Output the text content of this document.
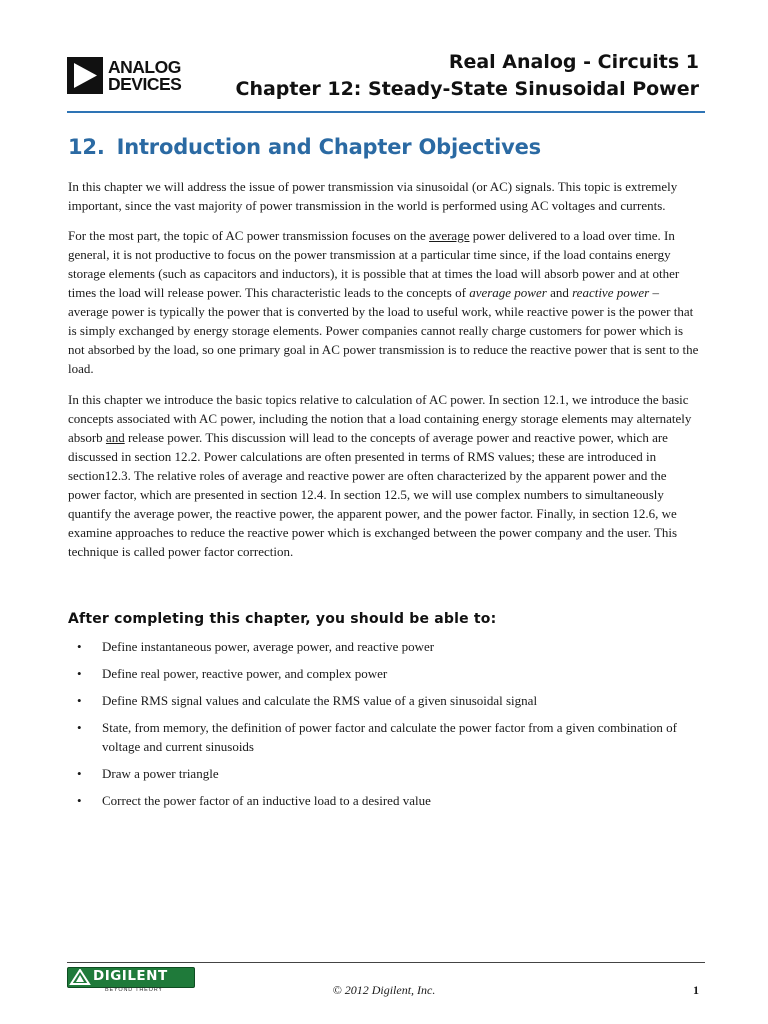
ANALOG
DEVICES
Real Analog - Circuits 1
Chapter 12: Steady-State Sinusoidal Power
12. Introduction and Chapter Objectives

In this chapter we will address the issue of power transmission via sinusoidal (or AC) signals. This topic is extremely important, since the vast majority of power transmission in the world is performed using AC voltages and currents.

For the most part, the topic of AC power transmission focuses on the average power delivered to a load over time. In general, it is not productive to focus on the power transmission at a particular time since, if the load contains energy storage elements (such as capacitors and inductors), it is possible that at times the load will absorb power and at other times the load will release power. This characteristic leads to the concepts of average power and reactive power – average power is typically the power that is converted by the load to useful work, while reactive power is the power that is simply exchanged by energy storage elements. Power companies cannot really charge customers for power which is not absorbed by the load, so one primary goal in AC power transmission is to reduce the reactive power that is sent to the load.

In this chapter we introduce the basic topics relative to calculation of AC power. In section 12.1, we introduce the basic concepts associated with AC power, including the notion that a load containing energy storage elements may alternately absorb and release power. This discussion will lead to the concepts of average power and reactive power, which are discussed in section 12.2. Power calculations are often presented in terms of RMS values; these are introduced in section12.3. The relative roles of average and reactive power are often characterized by the apparent power and the power factor, which are presented in section 12.4. In section 12.5, we will use complex numbers to simultaneously quantify the average power, the reactive power, the apparent power, and the power factor. Finally, in section 12.6, we examine approaches to reduce the reactive power which is exchanged between the power company and the user. This technique is called power factor correction.

After completing this chapter, you should be able to:
• Define instantaneous power, average power, and reactive power
• Define real power, reactive power, and complex power
• Define RMS signal values and calculate the RMS value of a given sinusoidal signal
• State, from memory, the definition of power factor and calculate the power factor from a given combination of voltage and current sinusoids
• Draw a power triangle
• Correct the power factor of an inductive load to a desired value
DIGILENT
BEYOND THEORY	© 2012 Digilent, Inc.	1
